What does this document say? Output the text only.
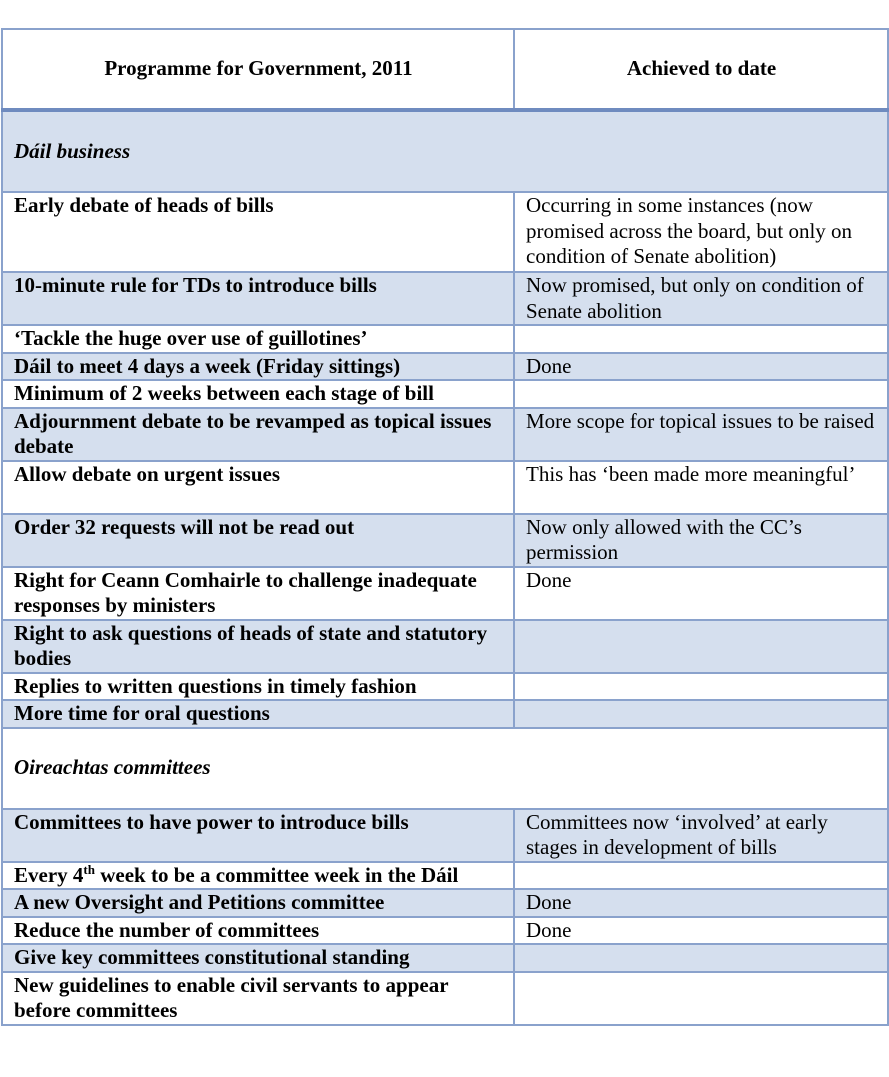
Programme for Government, 2011	Achieved to date
Dáil business	
Early debate of heads of bills	Occurring in some instances (now promised across the board, but only on condition of Senate abolition)
10-minute rule for TDs to introduce bills	Now promised, but only on condition of Senate abolition
‘Tackle the huge over use of guillotines’	
Dáil to meet 4 days a week (Friday sittings)	Done
Minimum of 2 weeks between each stage of bill	
Adjournment debate to be revamped as topical issues debate	More scope for topical issues to be raised
Allow debate on urgent issues	This has ‘been made more meaningful’
Order 32 requests will not be read out	Now only allowed with the CC’s permission
Right for Ceann Comhairle to challenge inadequate responses by ministers	Done
Right to ask questions of heads of state and statutory bodies	
Replies to written questions in timely fashion	
More time for oral questions	
Oireachtas committees	
Committees to have power to introduce bills	Committees now ‘involved’ at early stages in development of bills
Every 4th week to be a committee week in the Dáil	
A new Oversight and Petitions committee	Done
Reduce the number of committees	Done
Give key committees constitutional standing	
New guidelines to enable civil servants to appear before committees	
